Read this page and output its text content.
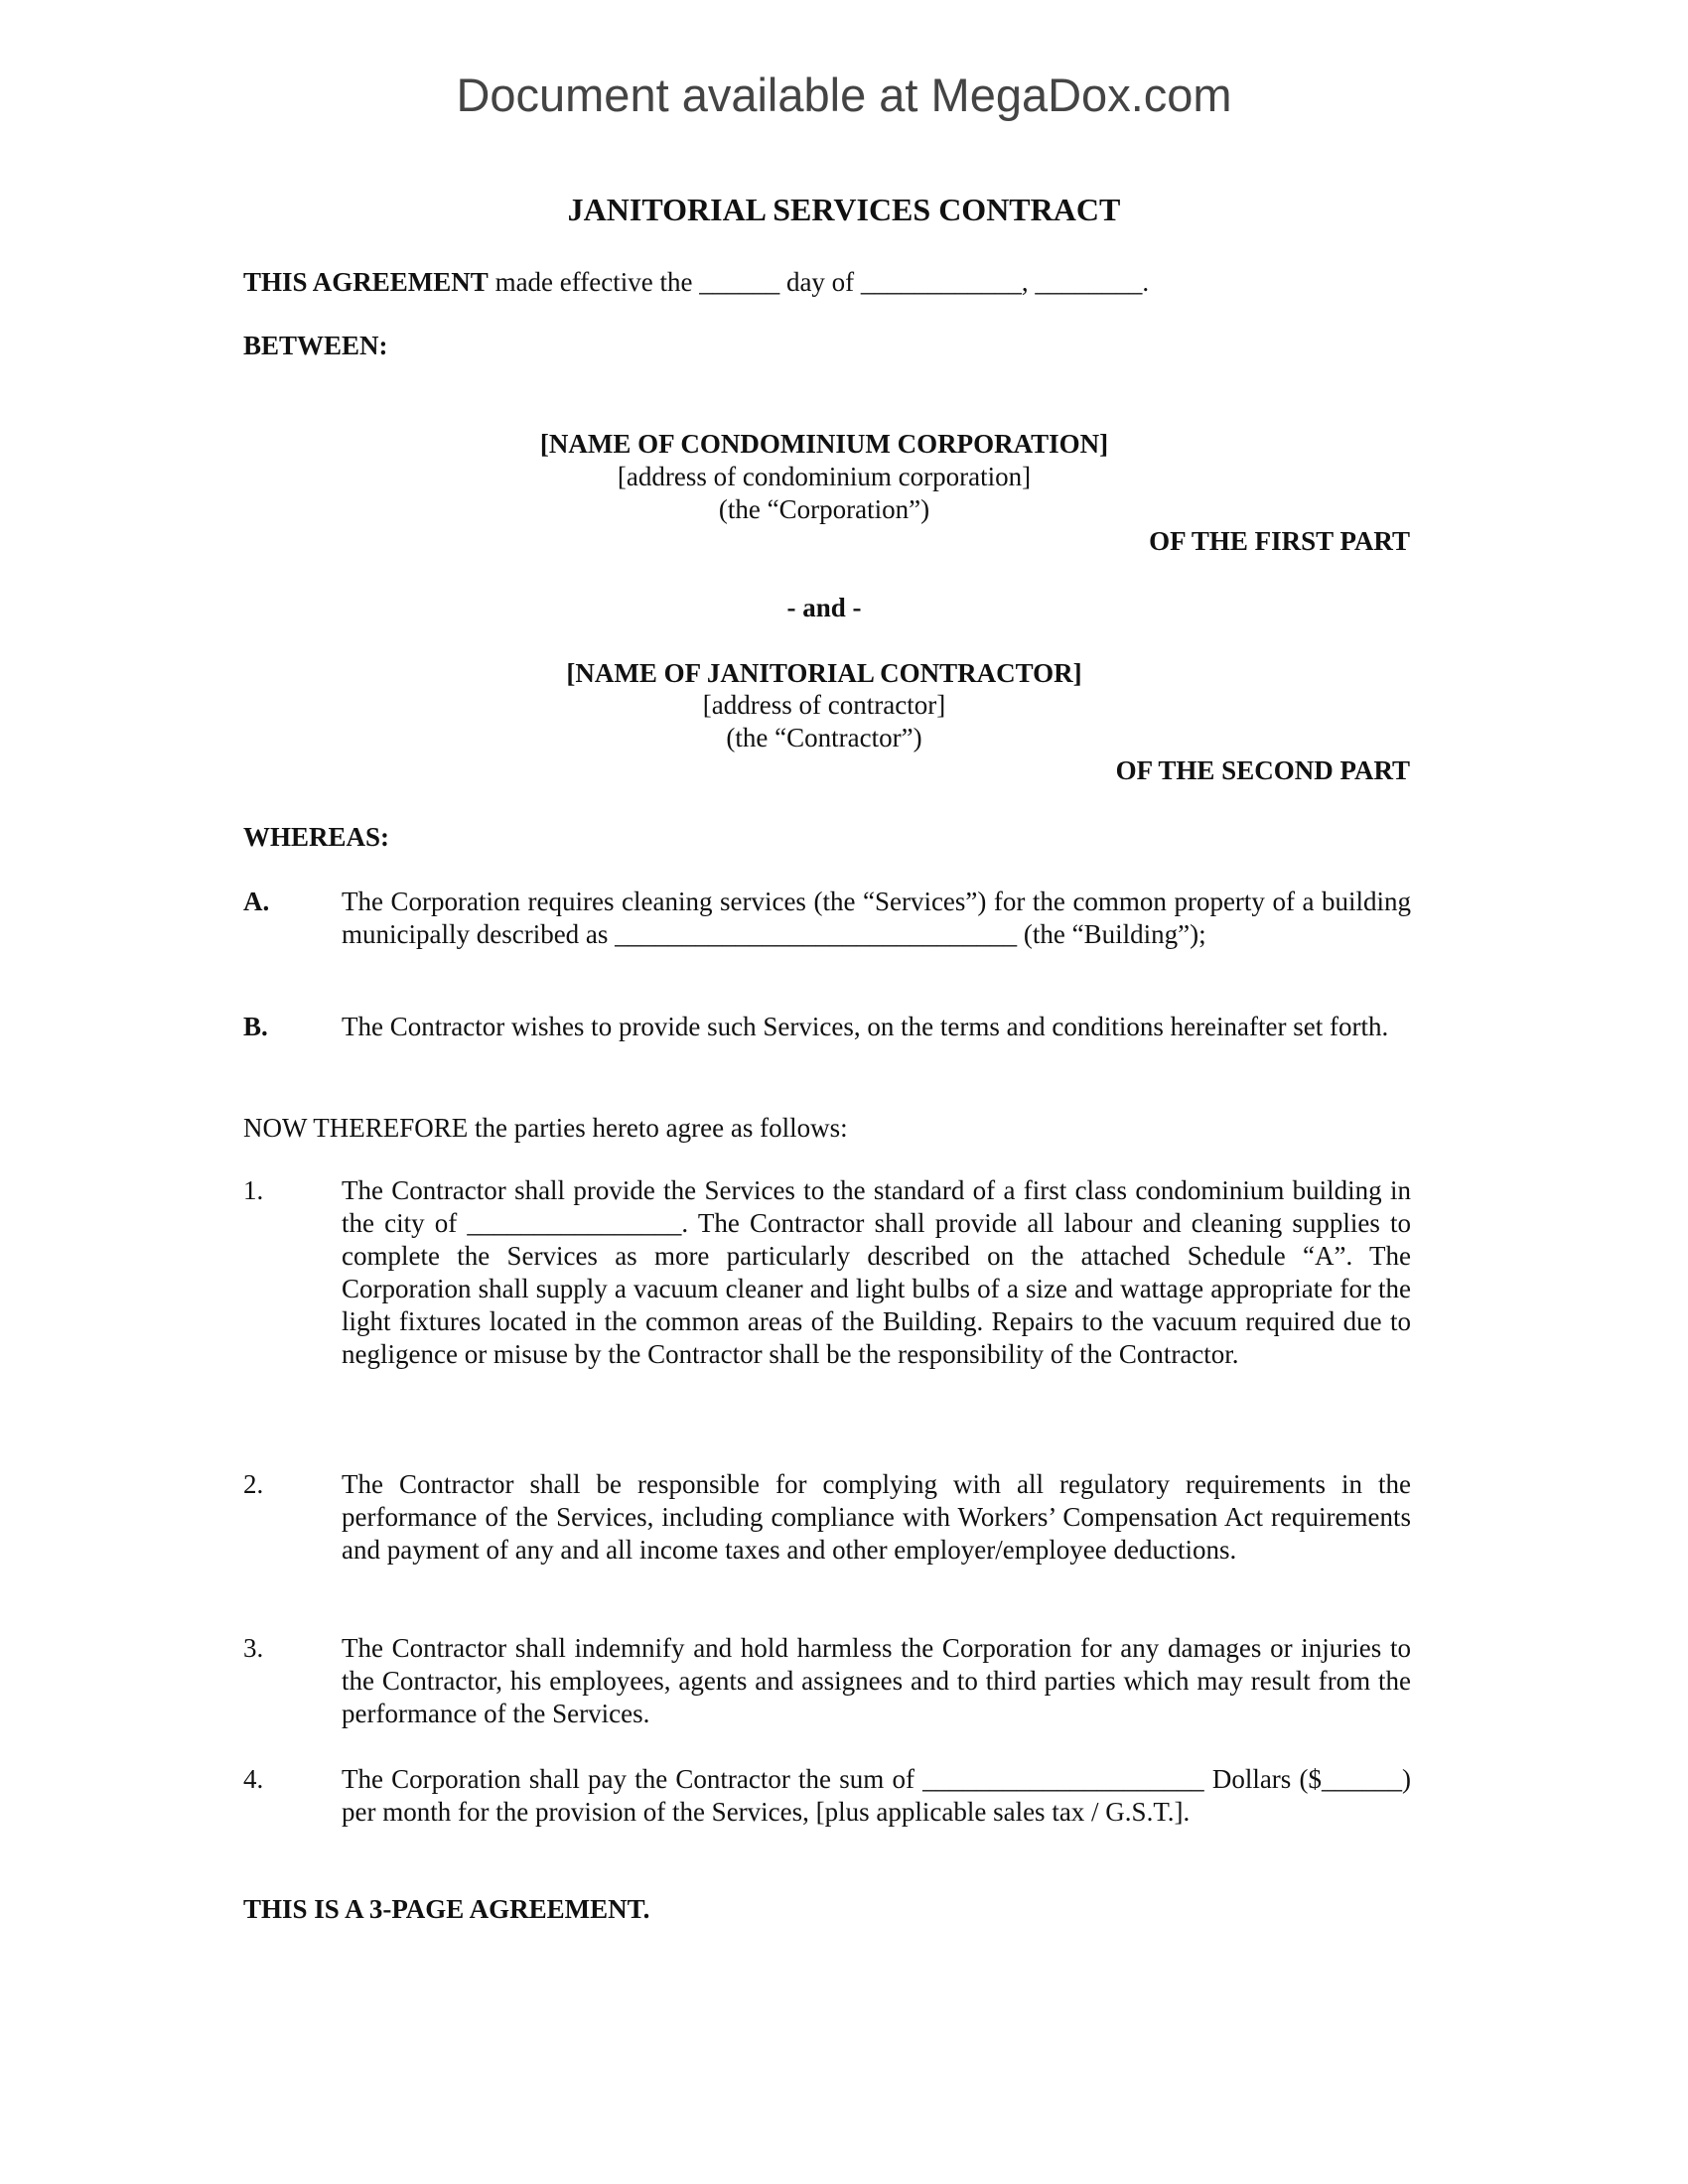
Document available at MegaDox.com
JANITORIAL SERVICES CONTRACT
THIS AGREEMENT made effective the ______ day of ____________, ________.
BETWEEN:
[NAME OF CONDOMINIUM CORPORATION]
[address of condominium corporation]
(the “Corporation”)
OF THE FIRST PART
- and -
[NAME OF JANITORIAL CONTRACTOR]
[address of contractor]
(the “Contractor”)
OF THE SECOND PART
WHEREAS:
A.	The Corporation requires cleaning services (the “Services”) for the common property of a building municipally described as ______________________________ (the “Building”);
B.	The Contractor wishes to provide such Services, on the terms and conditions hereinafter set forth.
NOW THEREFORE the parties hereto agree as follows:
1.	The Contractor shall provide the Services to the standard of a first class condominium building in the city of ________________. The Contractor shall provide all labour and cleaning supplies to complete the Services as more particularly described on the attached Schedule “A”. The Corporation shall supply a vacuum cleaner and light bulbs of a size and wattage appropriate for the light fixtures located in the common areas of the Building. Repairs to the vacuum required due to negligence or misuse by the Contractor shall be the responsibility of the Contractor.
2.	The Contractor shall be responsible for complying with all regulatory requirements in the performance of the Services, including compliance with Workers’ Compensation Act requirements and payment of any and all income taxes and other employer/employee deductions.
3.	The Contractor shall indemnify and hold harmless the Corporation for any damages or injuries to the Contractor, his employees, agents and assignees and to third parties which may result from the performance of the Services.
4.	The Corporation shall pay the Contractor the sum of _____________________ Dollars ($______) per month for the provision of the Services, [plus applicable sales tax / G.S.T.].
THIS IS A 3-PAGE AGREEMENT.
